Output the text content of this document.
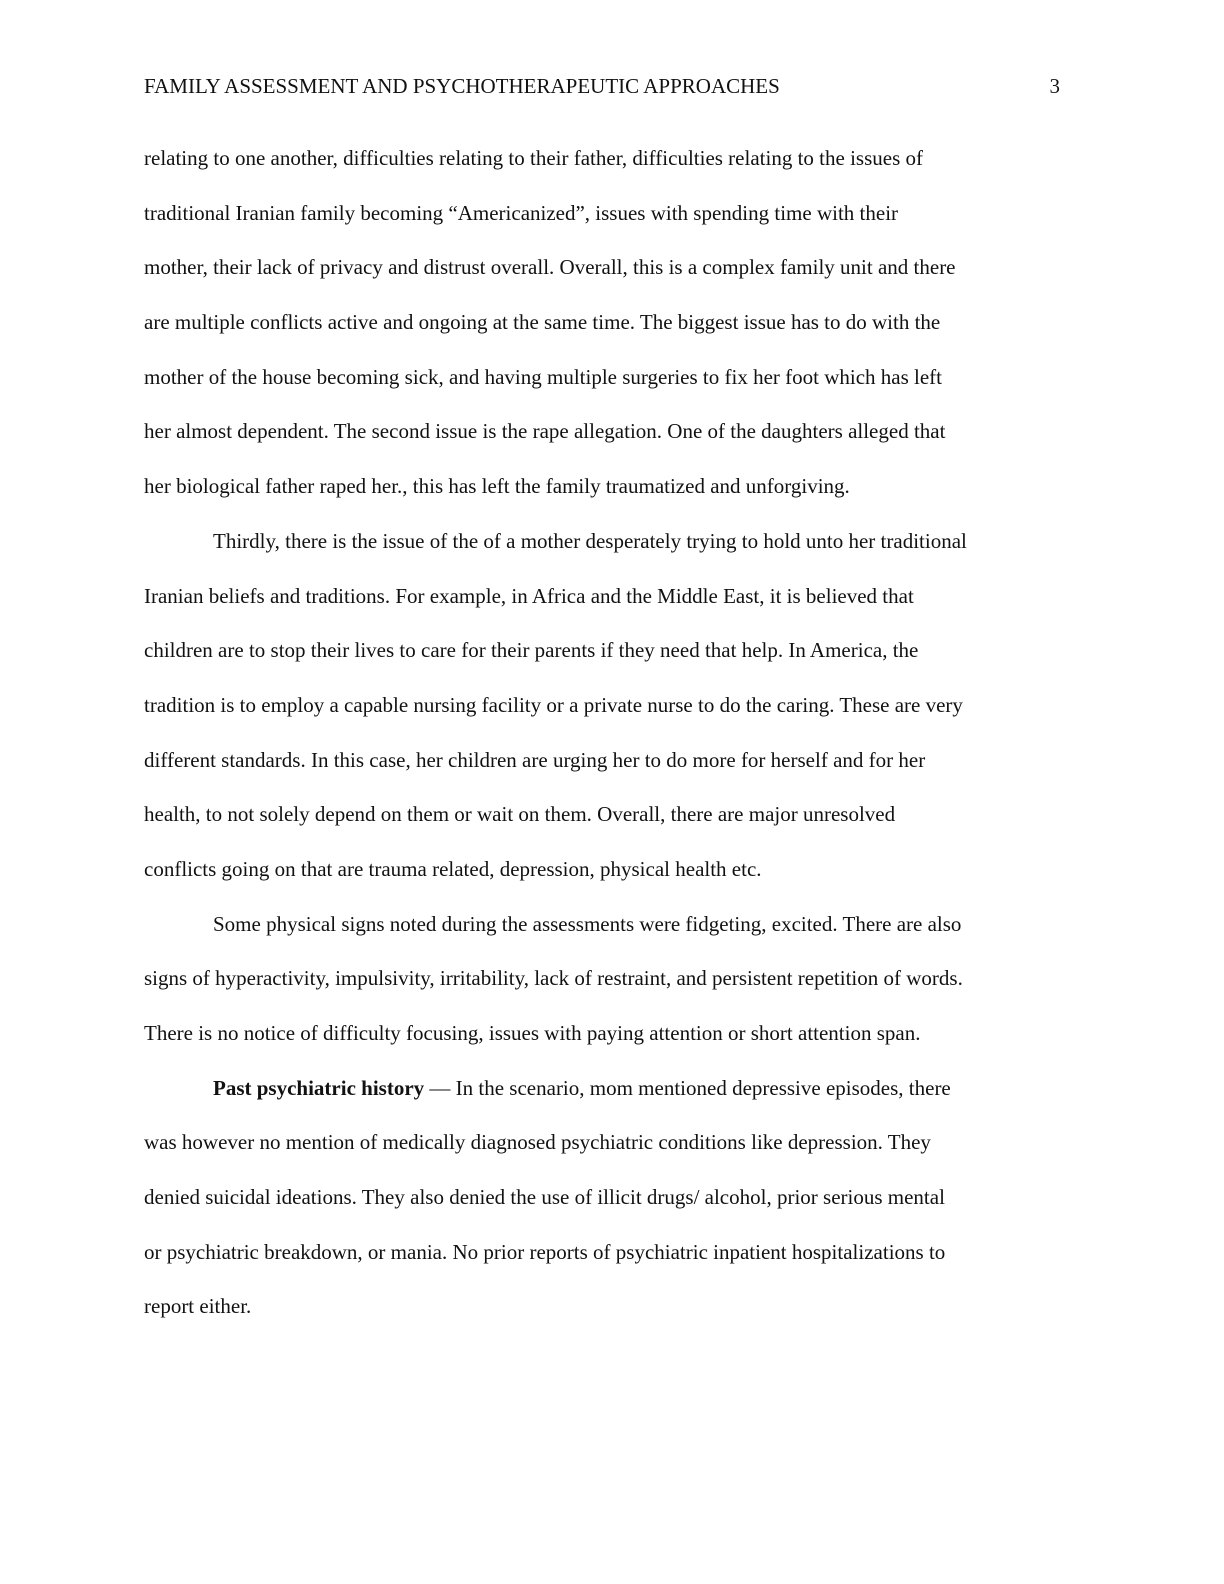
FAMILY ASSESSMENT AND PSYCHOTHERAPEUTIC APPROACHES	3
relating to one another, difficulties relating to their father, difficulties relating to the issues of
traditional Iranian family becoming “Americanized”, issues with spending time with their
mother, their lack of privacy and distrust overall. Overall, this is a complex family unit and there
are multiple conflicts active and ongoing at the same time. The biggest issue has to do with the
mother of the house becoming sick, and having multiple surgeries to fix her foot which has left
her almost dependent. The second issue is the rape allegation. One of the daughters alleged that
her biological father raped her., this has left the family traumatized and unforgiving.
Thirdly, there is the issue of the of a mother desperately trying to hold unto her traditional
Iranian beliefs and traditions. For example, in Africa and the Middle East, it is believed that
children are to stop their lives to care for their parents if they need that help. In America, the
tradition is to employ a capable nursing facility or a private nurse to do the caring. These are very
different standards. In this case, her children are urging her to do more for herself and for her
health, to not solely depend on them or wait on them. Overall, there are major unresolved
conflicts going on that are trauma related, depression, physical health etc.
Some physical signs noted during the assessments were fidgeting, excited. There are also
signs of hyperactivity, impulsivity, irritability, lack of restraint, and persistent repetition of words.
There is no notice of difficulty focusing, issues with paying attention or short attention span.
Past psychiatric history — In the scenario, mom mentioned depressive episodes, there
was however no mention of medically diagnosed psychiatric conditions like depression. They
denied suicidal ideations. They also denied the use of illicit drugs/ alcohol, prior serious mental
or psychiatric breakdown, or mania. No prior reports of psychiatric inpatient hospitalizations to
report either.
